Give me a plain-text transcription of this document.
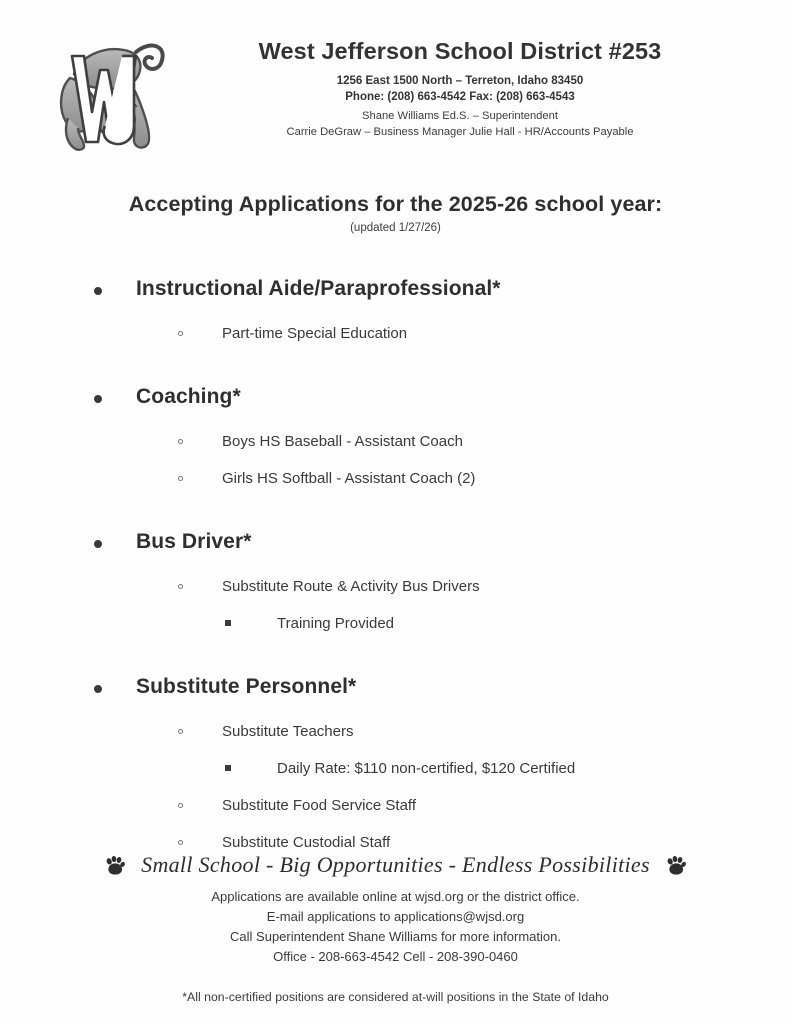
West Jefferson School District #253
1256 East 1500 North – Terreton, Idaho 83450
Phone: (208) 663-4542 Fax: (208) 663-4543
Shane Williams Ed.S. – Superintendent
Carrie DeGraw – Business Manager Julie Hall - HR/Accounts Payable
Accepting Applications for the 2025-26 school year:
(updated 1/27/26)
Instructional Aide/Paraprofessional*
Part-time Special Education
Coaching*
Boys HS Baseball - Assistant Coach
Girls HS Softball - Assistant Coach (2)
Bus Driver*
Substitute Route & Activity Bus Drivers
Training Provided
Substitute Personnel*
Substitute Teachers
Daily Rate: $110 non-certified, $120 Certified
Substitute Food Service Staff
Substitute Custodial Staff
Small School - Big Opportunities - Endless Possibilities
Applications are available online at wjsd.org or the district office.
E-mail applications to applications@wjsd.org
Call Superintendent Shane Williams for more information.
Office - 208-663-4542 Cell - 208-390-0460
*All non-certified positions are considered at-will positions in the State of Idaho
